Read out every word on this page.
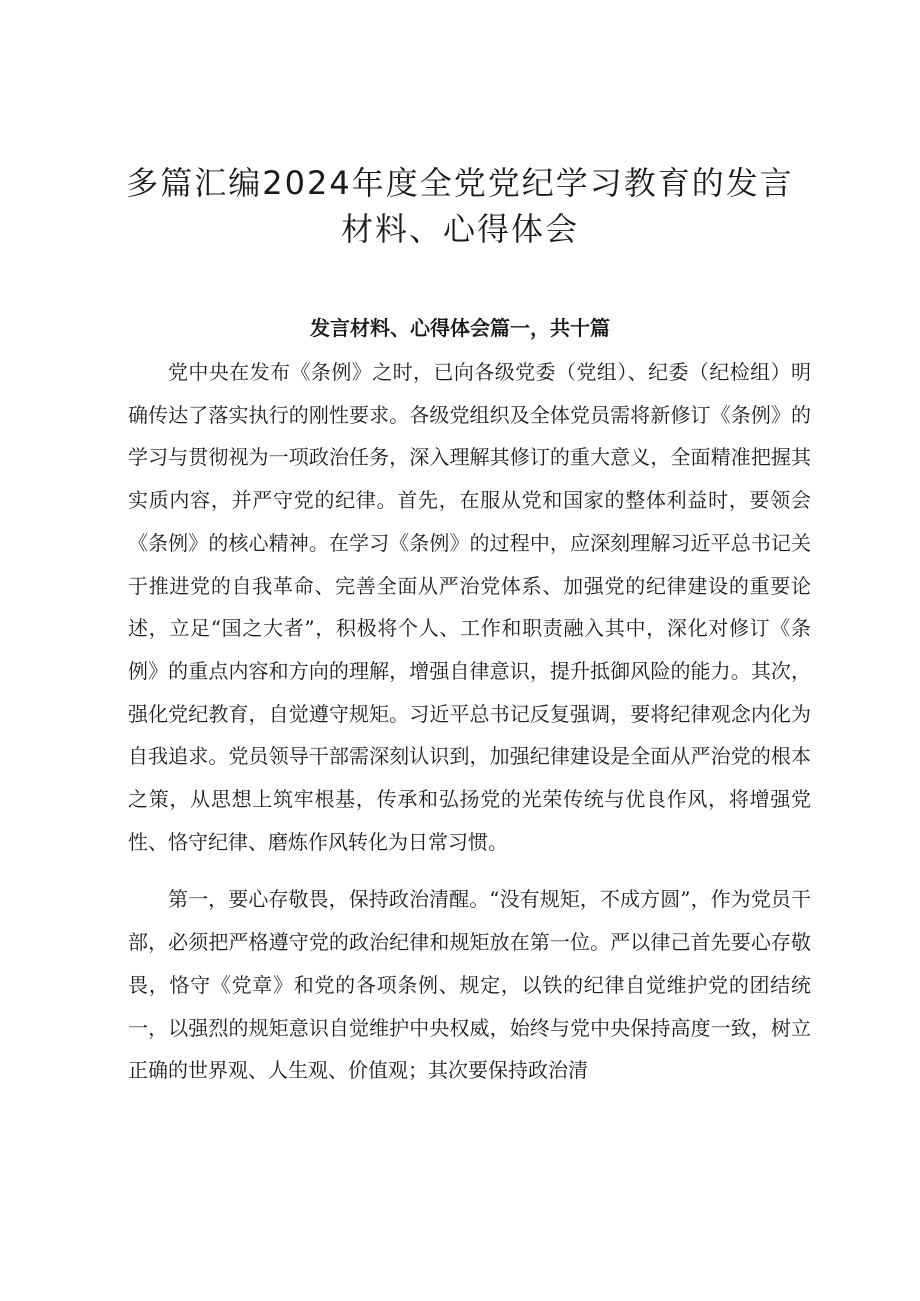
多篇汇编2024年度全党党纪学习教育的发言
材料、心得体会
发言材料、心得体会篇一，共十篇

党中央在发布《条例》之时，已向各级党委（党组）、纪委（纪检组）明确传达了落实执行的刚性要求。各级党组织及全体党员需将新修订《条例》的学习与贯彻视为一项政治任务，深入理解其修订的重大意义，全面精准把握其实质内容，并严守党的纪律。首先，在服从党和国家的整体利益时，要领会《条例》的核心精神。在学习《条例》的过程中，应深刻理解习近平总书记关于推进党的自我革命、完善全面从严治党体系、加强党的纪律建设的重要论述，立足“国之大者”，积极将个人、工作和职责融入其中，深化对修订《条例》的重点内容和方向的理解，增强自律意识，提升抵御风险的能力。其次，强化党纪教育，自觉遵守规矩。习近平总书记反复强调，要将纪律观念内化为自我追求。党员领导干部需深刻认识到，加强纪律建设是全面从严治党的根本之策，从思想上筑牢根基，传承和弘扬党的光荣传统与优良作风，将增强党性、恪守纪律、磨炼作风转化为日常习惯。

第一，要心存敬畏，保持政治清醒。“没有规矩，不成方圆”，作为党员干部，必须把严格遵守党的政治纪律和规矩放在第一位。严以律己首先要心存敬畏，恪守《党章》和党的各项条例、规定，以铁的纪律自觉维护党的团结统一，以强烈的规矩意识自觉维护中央权威，始终与党中央保持高度一致，树立正确的世界观、人生观、价值观；其次要保持政治清
